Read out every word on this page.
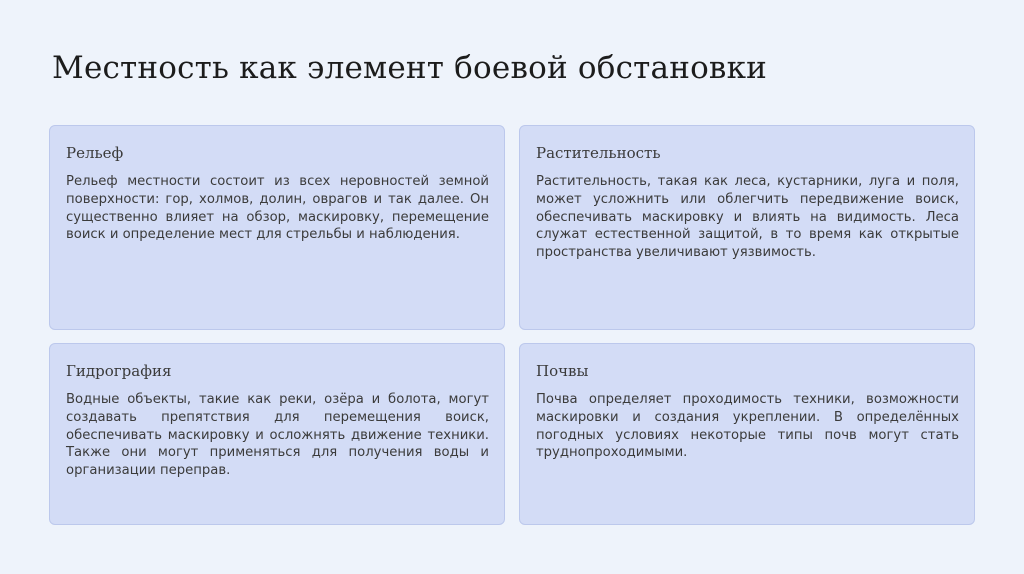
Местность как элемент боевой обстановки
Рельеф

Рельеф местности состоит из всех неровностей земной поверхности: гор, холмов, долин, оврагов и так далее. Он существенно влияет на обзор, маскировку, перемещение воиск и определение мест для стрельбы и наблюдения.

Растительность

Растительность, такая как леса, кустарники, луга и поля, может усложнить или облегчить передвижение воиск, обеспечивать маскировку и влиять на видимость. Леса служат естественной защитой, в то время как открытые пространства увеличивают уязвимость.

Гидрография

Водные объекты, такие как реки, озёра и болота, могут создавать препятствия для перемещения воиск, обеспечивать маскировку и осложнять движение техники. Также они могут применяться для получения воды и организации переправ.

Почвы

Почва определяет проходимость техники, возможности маскировки и создания укреплении. В определённых погодных условиях некоторые типы почв могут стать труднопроходимыми.
